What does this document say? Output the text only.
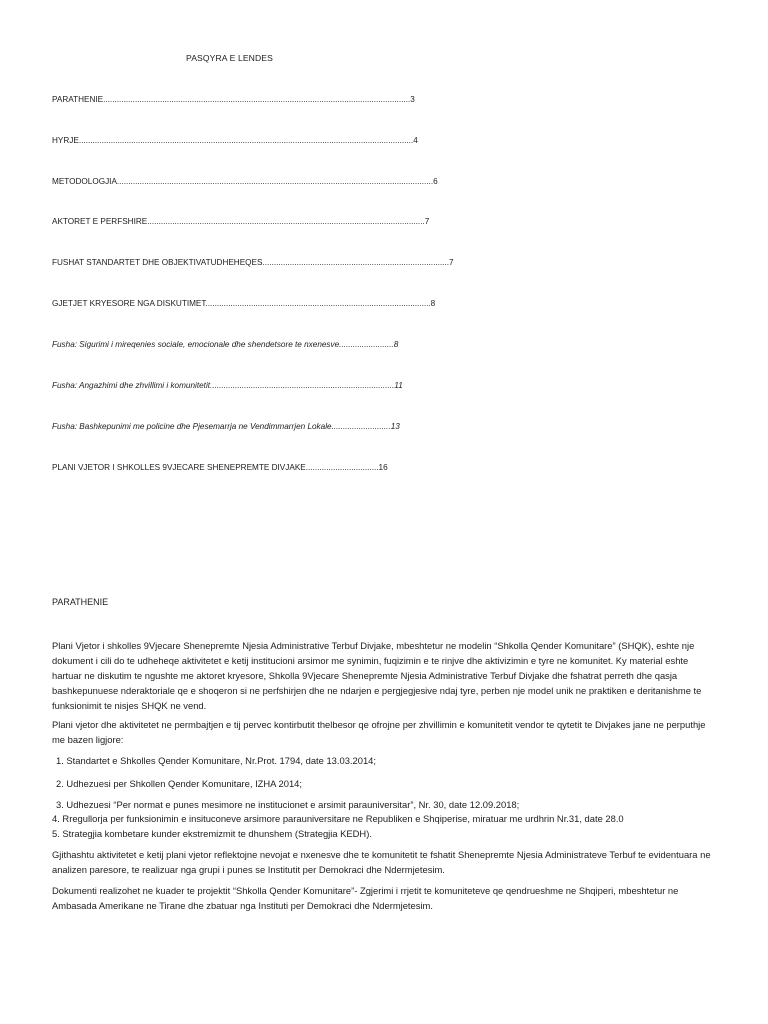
PASQYRA E LENDES
PARATHENIE.......................................................................................................................................3
HYRJE...................................................................................................................................................4
METODOLOGJIA...........................................................................................................................................6
AKTORET E PERFSHIRE..........................................................................................................................7
FUSHAT STANDARTET DHE OBJEKTIVATUDHEHEQES..................................................................................7
GJETJET KRYESORE NGA DISKUTIMET...................................................................................................8
Fusha: Sigurimi i mireqenies sociale, emocionale dhe shendetsore te nxenesve........................8
Fusha: Angazhimi dhe zhvillimi i komunitetit.................................................................................11
Fusha: Bashkepunimi me policine dhe Pjesemarrja ne Vendimmarrjen Lokale..........................13
PLANI VJETOR I SHKOLLES 9VJECARE SHENEPREMTE DIVJAKE................................16
PARATHENIE

Plani Vjetor i shkolles 9Vjecare Shenepremte Njesia Administrative Terbuf Divjake, mbeshtetur ne modelin “Shkolla Qender Komunitare” (SHQK), eshte nje dokument i cili do te udheheqe aktivitetet e ketij institucioni arsimor me synimin, fuqizimin e te rinjve dhe aktivizimin e tyre ne komunitet. Ky material eshte hartuar ne diskutim te ngushte me aktoret kryesore, Shkolla 9Vjecare Shenepremte Njesia Administrative Terbuf Divjake dhe fshatrat perreth dhe qasja bashkepunuese nderaktoriale qe e shoqeron si ne perfshirjen dhe ne ndarjen e pergjegjesive ndaj tyre, perben nje model unik ne praktiken e deritanishme te funksionimit te nisjes SHQK ne vend.

Plani vjetor dhe aktivitetet ne permbajtjen e tij pervec kontirbutit thelbesor qe ofrojne per zhvillimin e komunitetit vendor te qytetit te Divjakes jane ne perputhje me bazen ligjore:

1. Standartet e Shkolles Qender Komunitare, Nr.Prot. 1794, date 13.03.2014;
2. Udhezuesi per Shkollen Qender Komunitare, IZHA 2014;
3. Udhezuesi “Per normat e punes mesimore ne institucionet e arsimit parauniversitar”, Nr. 30, date 12.09.2018;
4. Rregullorja per funksionimin e insituconeve arsimore parauniversitare ne Republiken e Shqiperise, miratuar me urdhrin Nr.31, date 28.0
5. Strategjia kombetare kunder ekstremizmit te dhunshem (Strategjia KEDH).

Gjithashtu aktivitetet e ketij plani vjetor reflektojne nevojat e nxenesve dhe te komunitetit te fshatit Shenepremte Njesia Administrateve Terbuf te evidentuara ne analizen paresore, te realizuar nga grupi i punes se Institutit per Demokraci dhe Ndermjetesim.

Dokumenti realizohet ne kuader te projektit “Shkolla Qender Komunitare”- Zgjerimi i rrjetit te komuniteteve qe qendrueshme ne Shqiperi, mbeshtetur ne Ambasada Amerikane ne Tirane dhe zbatuar nga Instituti per Demokraci dhe Ndermjetesim.
